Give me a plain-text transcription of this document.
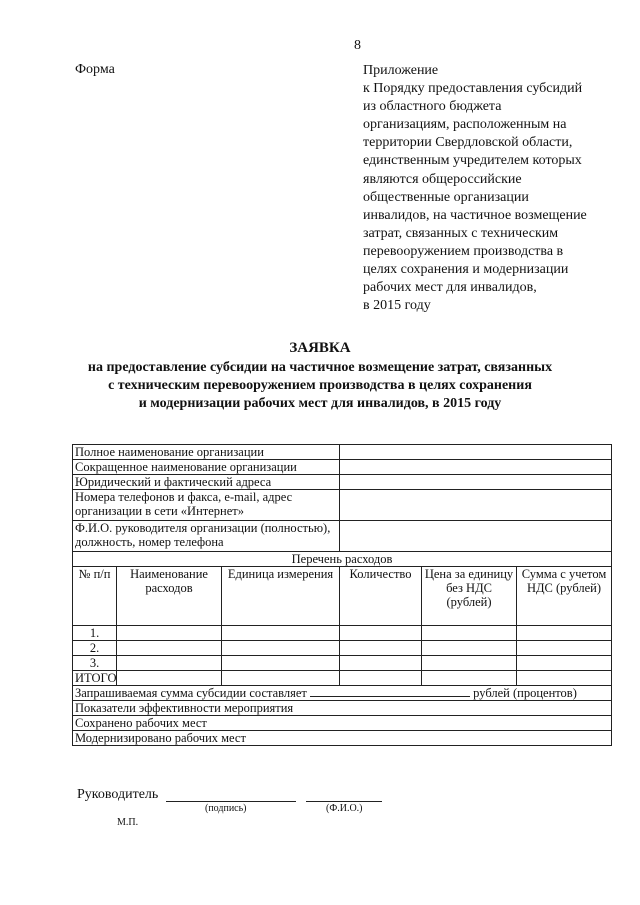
8
Форма	Приложение
к Порядку предоставления субсидий
из областного бюджета
организациям, расположенным на
территории Свердловской области,
единственным учредителем которых
являются общероссийские
общественные организации
инвалидов, на частичное возмещение
затрат, связанных с техническим
перевооружением производства в
целях сохранения и модернизации
рабочих мест для инвалидов,
в 2015 году
ЗАЯВКА
на предоставление субсидии на частичное возмещение затрат, связанных
с техническим перевооружением производства в целях сохранения
и модернизации рабочих мест для инвалидов, в 2015 году
Полное наименование организации					
Сокращенное наименование организации					
Юридический и фактический адреса					
Номера телефонов и факса, e-mail, адрес организации в сети «Интернет»					
Ф.И.О. руководителя организации (полностью), должность, номер телефона					
Перечень расходов					
№ п/п	Наименование расходов	Единица измерения	Количество	Цена за единицу без НДС (рублей)	Сумма с учетом НДС (рублей)
1.					
2.					
3.					
ИТОГО					
Запрашиваемая сумма субсидии составляет рублей (процентов)					
Показатели эффективности мероприятия					
Сохранено рабочих мест					
Модернизировано рабочих мест					
Руководитель
(подпись)	(Ф.И.О.)
М.П.
